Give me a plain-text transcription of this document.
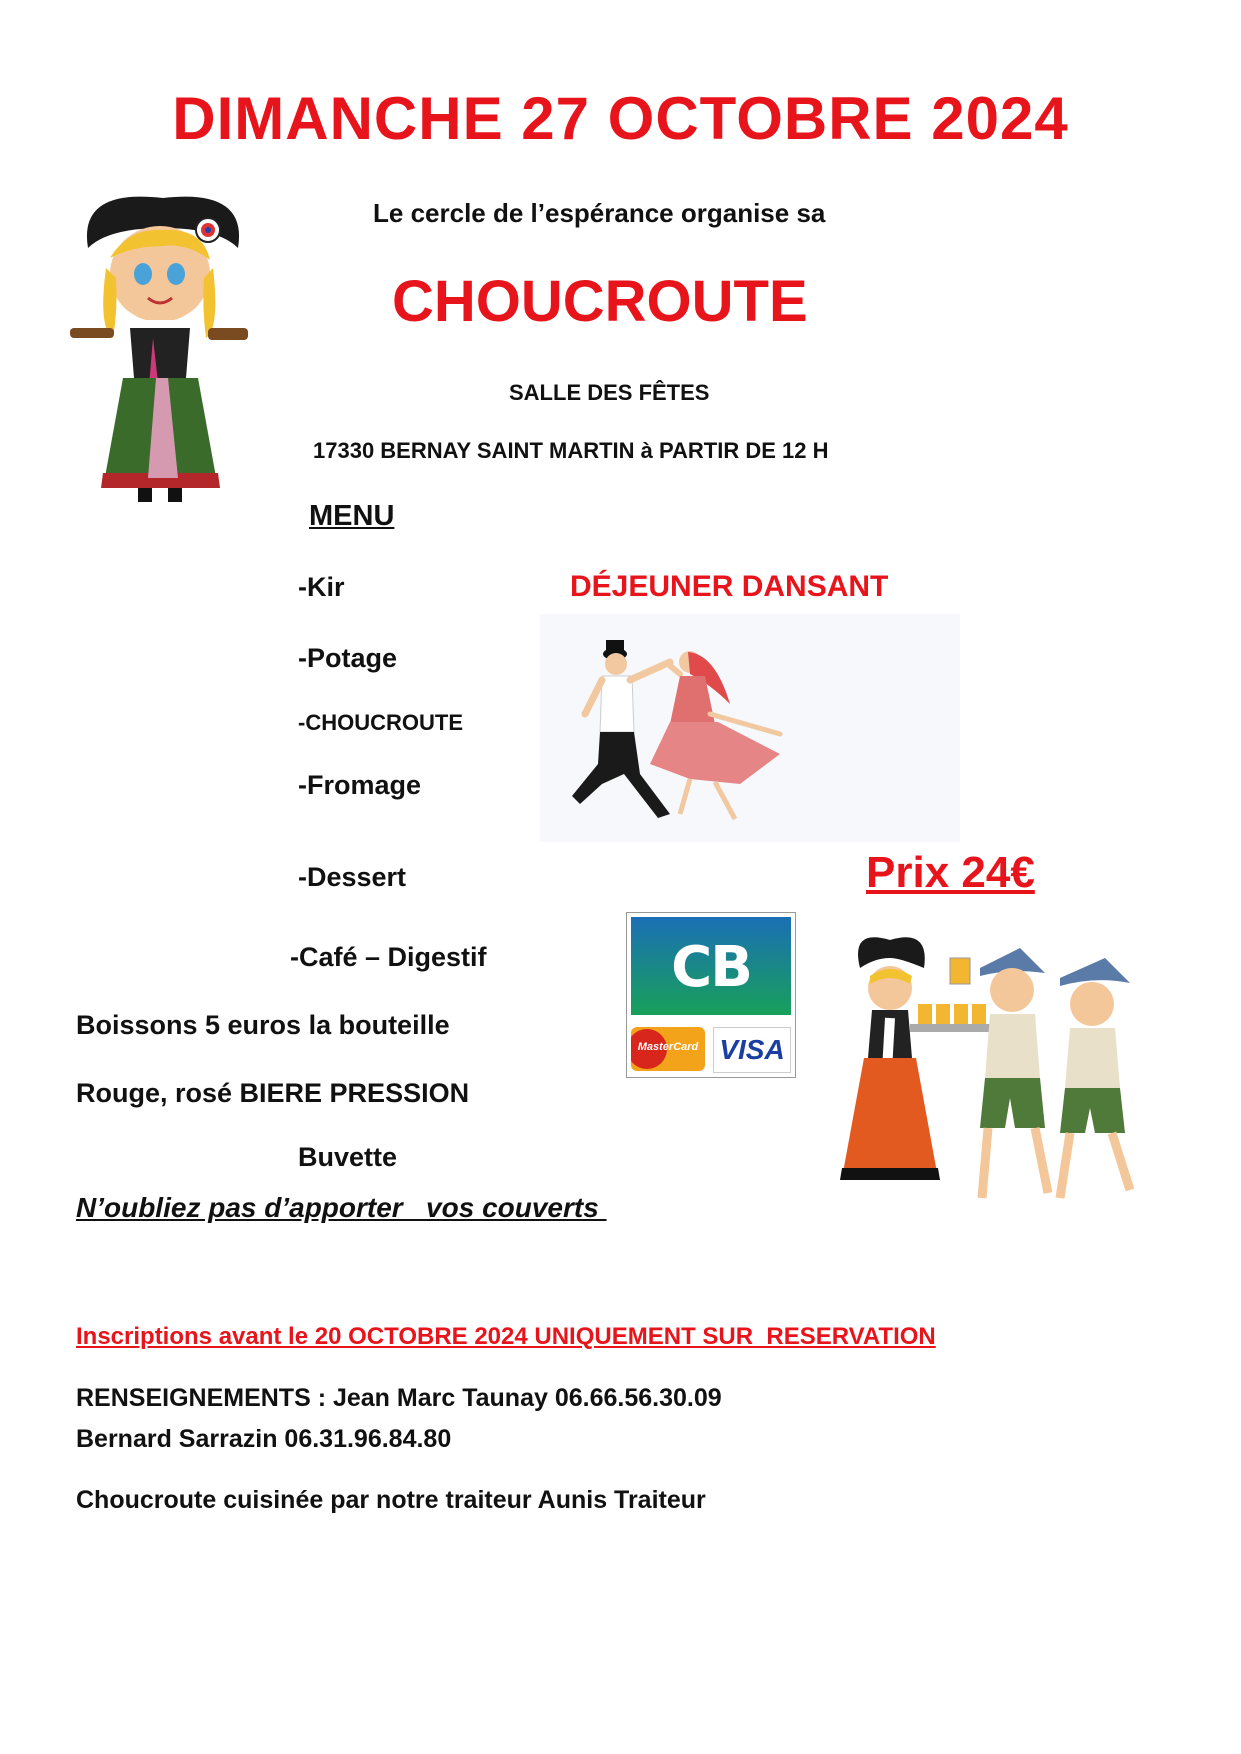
DIMANCHE 27 OCTOBRE 2024
Le cercle de l’espérance organise sa
CHOUCROUTE
SALLE DES FÊTES
17330 BERNAY SAINT MARTIN à PARTIR DE 12 H
MENU
-Kir
-Potage
-CHOUCROUTE
-Fromage
-Dessert
-Café – Digestif
DÉJEUNER DANSANT
Prix 24€
CB
MasterCard VISA
Boissons 5 euros la bouteille
Rouge, rosé BIERE PRESSION
Buvette
N’oubliez pas d’apporter   vos couverts
Inscriptions avant le 20 OCTOBRE 2024 UNIQUEMENT SUR  RESERVATION
RENSEIGNEMENTS : Jean Marc Taunay 06.66.56.30.09
Bernard Sarrazin 06.31.96.84.80
Choucroute cuisinée par notre traiteur Aunis Traiteur
